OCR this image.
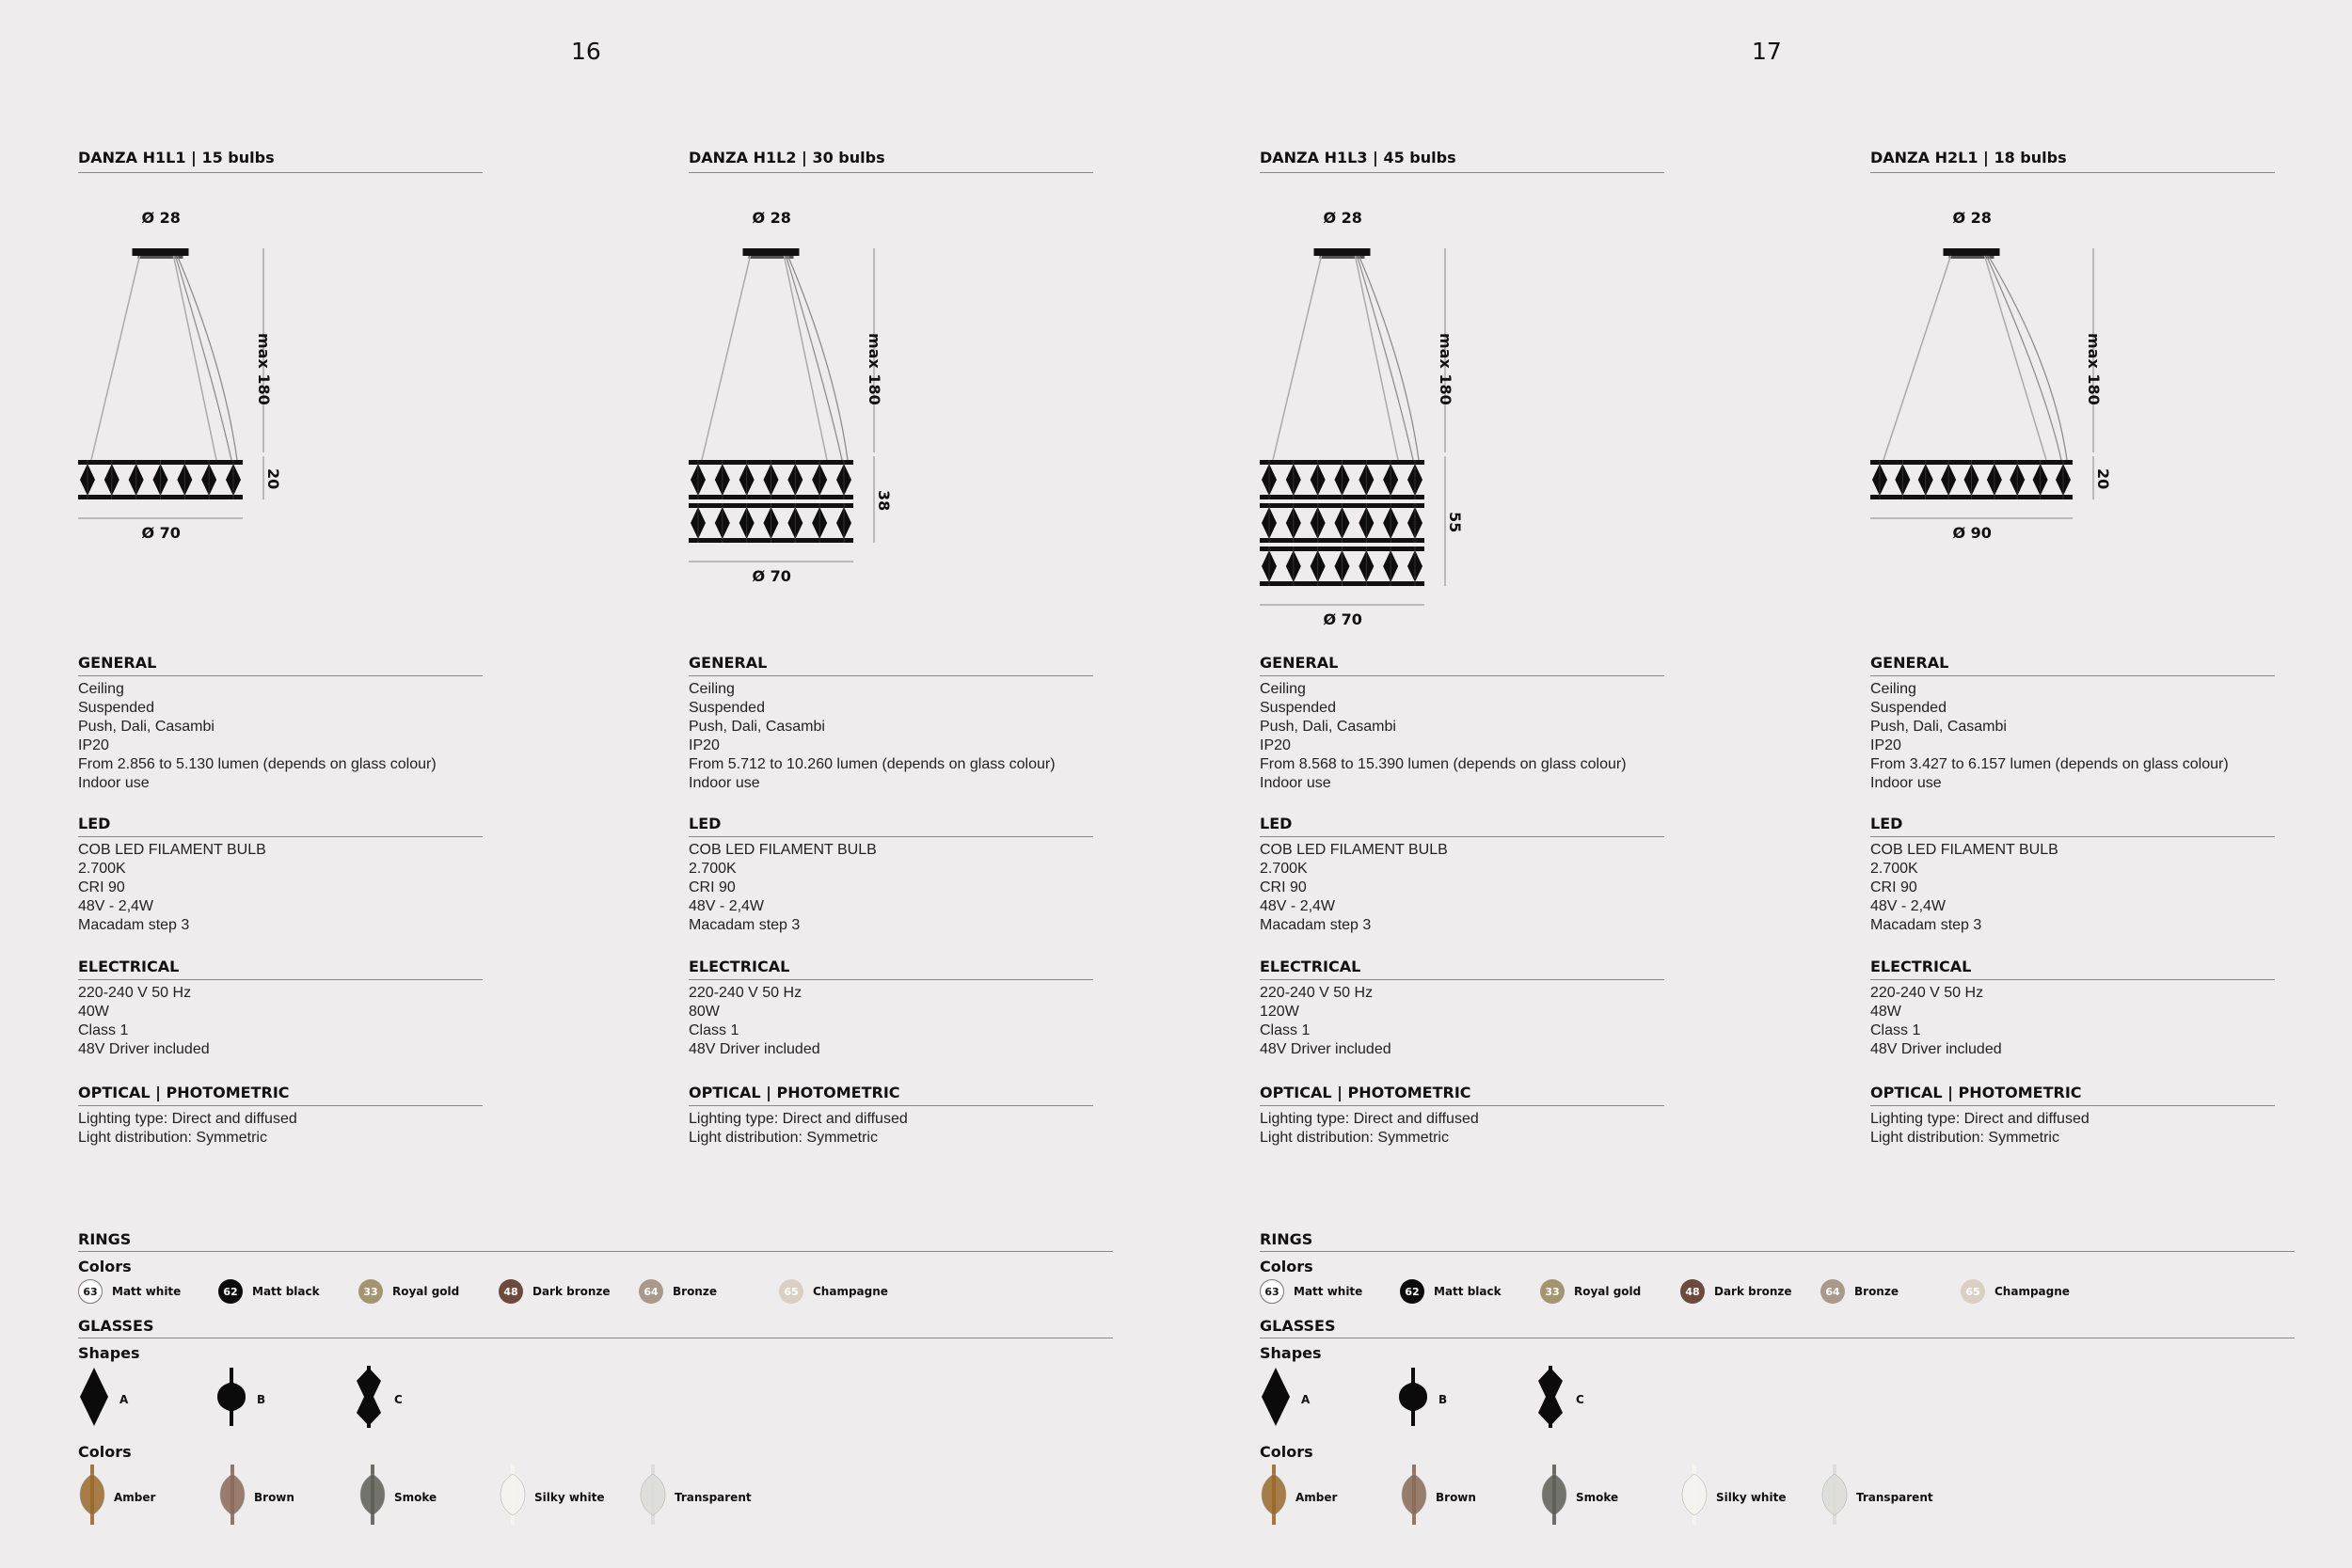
16	17
DANZA H1L1 | 15 bulbs
Ø 28
max 180
20
Ø 70
GENERAL
Ceiling
Suspended
Push, Dali, Casambi
IP20
From 2.856 to 5.130 lumen (depends on glass colour)
Indoor use
LED
COB LED FILAMENT BULB
2.700K
CRI 90
48V - 2,4W
Macadam step 3
ELECTRICAL
220-240 V 50 Hz
40W
Class 1
48V Driver included
OPTICAL | PHOTOMETRIC
Lighting type: Direct and diffused
Light distribution: Symmetric
DANZA H1L2 | 30 bulbs
Ø 28
max 180
38
Ø 70
GENERAL
Ceiling
Suspended
Push, Dali, Casambi
IP20
From 5.712 to 10.260 lumen (depends on glass colour)
Indoor use
LED
COB LED FILAMENT BULB
2.700K
CRI 90
48V - 2,4W
Macadam step 3
ELECTRICAL
220-240 V 50 Hz
80W
Class 1
48V Driver included
OPTICAL | PHOTOMETRIC
Lighting type: Direct and diffused
Light distribution: Symmetric
DANZA H1L3 | 45 bulbs
Ø 28
max 180
55
Ø 70
GENERAL
Ceiling
Suspended
Push, Dali, Casambi
IP20
From 8.568 to 15.390 lumen (depends on glass colour)
Indoor use
LED
COB LED FILAMENT BULB
2.700K
CRI 90
48V - 2,4W
Macadam step 3
ELECTRICAL
220-240 V 50 Hz
120W
Class 1
48V Driver included
OPTICAL | PHOTOMETRIC
Lighting type: Direct and diffused
Light distribution: Symmetric
DANZA H2L1 | 18 bulbs
Ø 28
max 180
20
Ø 90
GENERAL
Ceiling
Suspended
Push, Dali, Casambi
IP20
From 3.427 to 6.157 lumen (depends on glass colour)
Indoor use
LED
COB LED FILAMENT BULB
2.700K
CRI 90
48V - 2,4W
Macadam step 3
ELECTRICAL
220-240 V 50 Hz
48W
Class 1
48V Driver included
OPTICAL | PHOTOMETRIC
Lighting type: Direct and diffused
Light distribution: Symmetric
RINGS
Colors
63	Matt white	62	Matt black	33	Royal gold	48	Dark bronze	64	Bronze	65	Champagne
GLASSES
Shapes
A	B	C
Colors
Amber	Brown	Smoke	Silky white	Transparent
RINGS
Colors
63	Matt white	62	Matt black	33	Royal gold	48	Dark bronze	64	Bronze	65	Champagne
GLASSES
Shapes
A	B	C
Colors
Amber	Brown	Smoke	Silky white	Transparent
